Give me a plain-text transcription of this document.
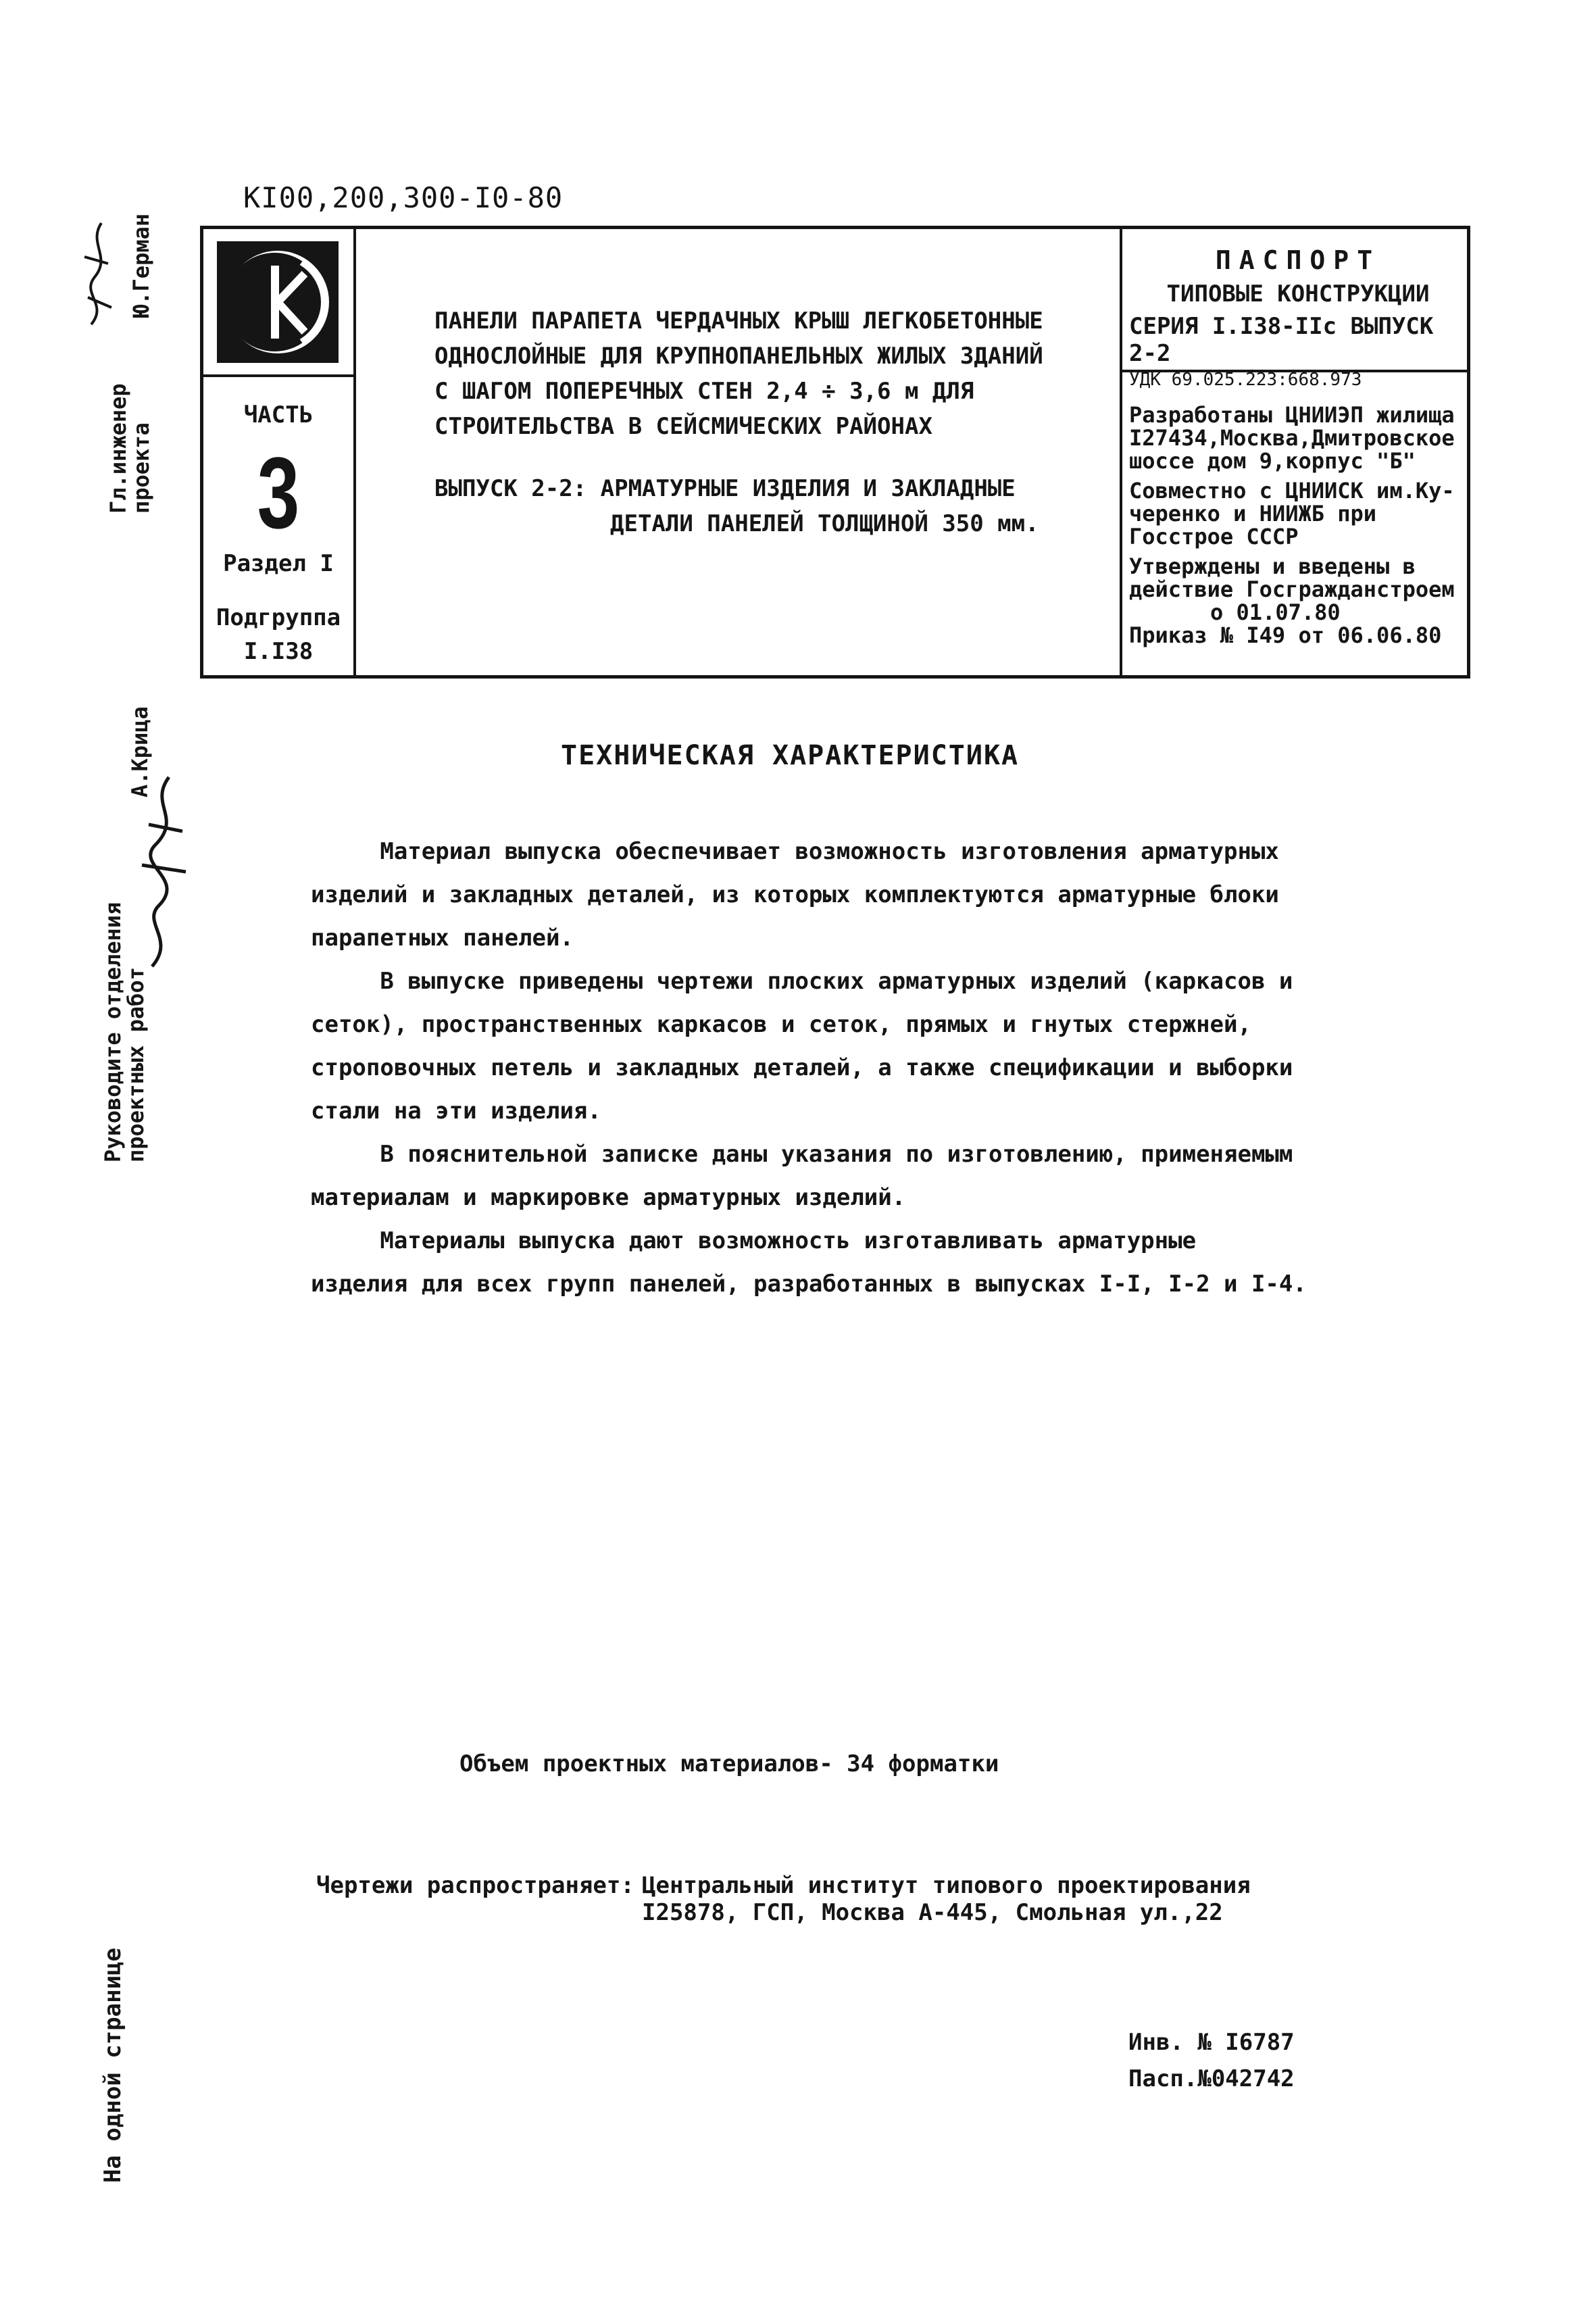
KI00,200,300-I0-80
ЧАСТЬ
3
Раздел I
Подгруппа
I.I38
ПАНЕЛИ ПАРАПЕТА ЧЕРДАЧНЫХ КРЫШ ЛЕГКОБЕТОННЫЕ
ОДНОСЛОЙНЫЕ ДЛЯ КРУПНОПАНЕЛЬНЫХ ЖИЛЫХ ЗДАНИЙ
С ШАГОМ ПОПЕРЕЧНЫХ СТЕН 2,4 ÷ 3,6 м ДЛЯ
СТРОИТЕЛЬСТВА В СЕЙСМИЧЕСКИХ РАЙОНАХ
ВЫПУСК 2-2: АРМАТУРНЫЕ ИЗДЕЛИЯ И ЗАКЛАДНЫЕ
ДЕТАЛИ ПАНЕЛЕЙ ТОЛЩИНОЙ 350 мм.
ПАСПОРТ
ТИПОВЫЕ КОНСТРУКЦИИ
СЕРИЯ I.I38-IIc ВЫПУСК 2-2
УДК 69.025.223:668.973
Разработаны ЦНИИЭП жилища
I27434,Москва,Дмитровское
шоссе дом 9,корпус "Б"
Совместно с ЦНИИСК им.Ку-
черенко и НИИЖБ при
Госстрое СССР
Утверждены и введены в
действие Госгражданстроем
о 01.07.80
Приказ № I49 от 06.06.80
Гл.инженер
проекта
Ю.Герман
Руководите отделения
проектных работ
А.Крица
На одной странице
ТЕХНИЧЕСКАЯ ХАРАКТЕРИСТИКА
Материал выпуска обеспечивает возможность изготовления арматурных
изделий и закладных деталей, из которых комплектуются арматурные блоки
парапетных панелей.
В выпуске приведены чертежи плоских арматурных изделий (каркасов и
сеток), пространственных каркасов и сеток, прямых и гнутых стержней,
строповочных петель и закладных деталей, а также спецификации и выборки
стали на эти изделия.
В пояснительной записке даны указания по изготовлению, применяемым
материалам и маркировке арматурных изделий.
Материалы выпуска дают возможность изготавливать арматурные
изделия для всех групп панелей, разработанных в выпусках I-I, I-2 и I-4.
Объем проектных материалов- 34 форматки
Чертежи распространяет: Центральный институт типового проектирования
I25878, ГСП, Москва А-445, Смольная ул.,22
Инв. № I6787
Пасп.№042742
